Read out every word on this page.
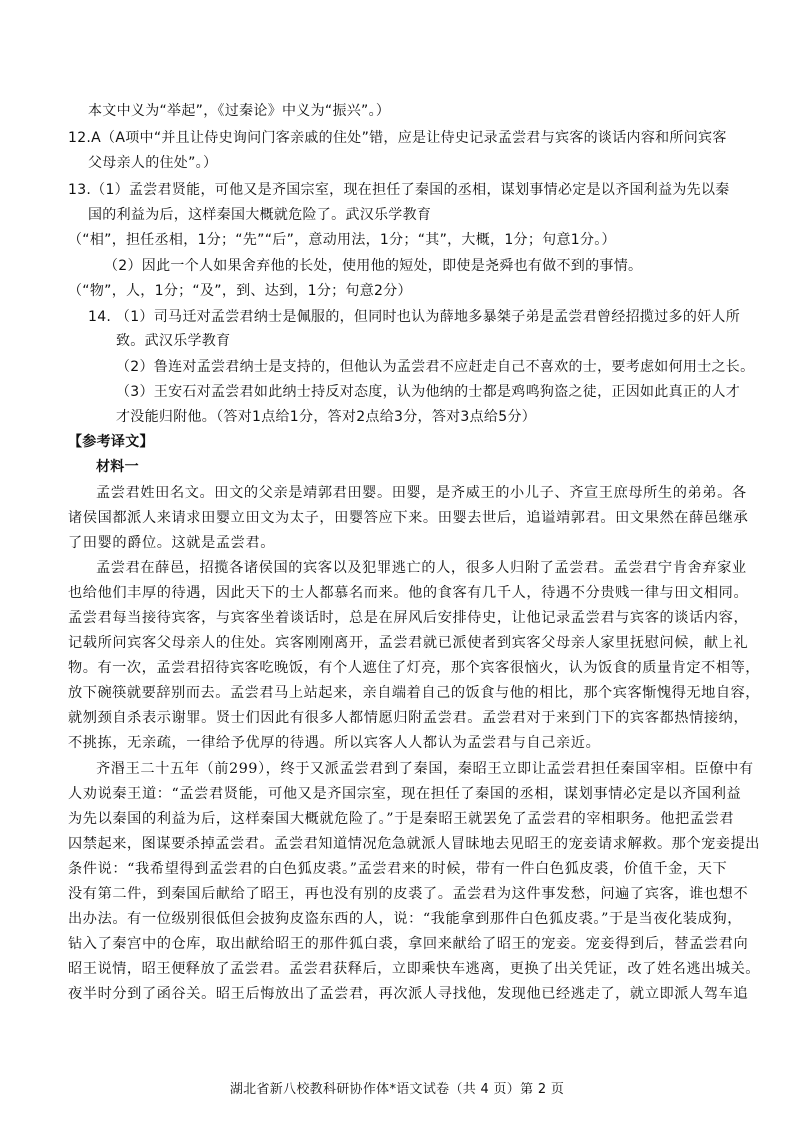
本文中义为“举起”，《过秦论》中义为“振兴”。）
12.A（A项中“并且让侍史询问门客亲戚的住处”错，应是让侍史记录孟尝君与宾客的谈话内容和所问宾客
父母亲人的住处”。）
13.（1）孟尝君贤能，可他又是齐国宗室，现在担任了秦国的丞相，谋划事情必定是以齐国利益为先以秦
国的利益为后，这样秦国大概就危险了。武汉乐学教育
（“相”，担任丞相，1分；“先”“后”，意动用法，1分；“其”，大概，1分；句意1分。）
（2）因此一个人如果舍弃他的长处，使用他的短处，即使是尧舜也有做不到的事情。
（“物”，人，1分；“及”，到、达到，1分；句意2分）
14. （1）司马迁对孟尝君纳士是佩服的，但同时也认为薛地多暴桀子弟是孟尝君曾经招揽过多的奸人所
致。武汉乐学教育
（2）鲁连对孟尝君纳士是支持的，但他认为孟尝君不应赶走自己不喜欢的士，要考虑如何用士之长。
（3）王安石对孟尝君如此纳士持反对态度，认为他纳的士都是鸡鸣狗盗之徒，正因如此真正的人才
才没能归附他。（答对1点给1分，答对2点给3分，答对3点给5分）
【参考译文】
材料一
孟尝君姓田名文。田文的父亲是靖郭君田婴。田婴，是齐威王的小儿子、齐宣王庶母所生的弟弟。各
诸侯国都派人来请求田婴立田文为太子，田婴答应下来。田婴去世后，追谥靖郭君。田文果然在薛邑继承
了田婴的爵位。这就是孟尝君。
孟尝君在薛邑，招揽各诸侯国的宾客以及犯罪逃亡的人，很多人归附了孟尝君。孟尝君宁肯舍弃家业
也给他们丰厚的待遇，因此天下的士人都慕名而来。他的食客有几千人，待遇不分贵贱一律与田文相同。
孟尝君每当接待宾客，与宾客坐着谈话时，总是在屏风后安排侍史，让他记录孟尝君与宾客的谈话内容，
记载所问宾客父母亲人的住处。宾客刚刚离开，孟尝君就已派使者到宾客父母亲人家里抚慰问候，献上礼
物。有一次，孟尝君招待宾客吃晚饭，有个人遮住了灯亮，那个宾客很恼火，认为饭食的质量肯定不相等，
放下碗筷就要辞别而去。孟尝君马上站起来，亲自端着自己的饭食与他的相比，那个宾客惭愧得无地自容，
就刎颈自杀表示谢罪。贤士们因此有很多人都情愿归附孟尝君。孟尝君对于来到门下的宾客都热情接纳，
不挑拣，无亲疏，一律给予优厚的待遇。所以宾客人人都认为孟尝君与自己亲近。
齐湣王二十五年（前299），终于又派孟尝君到了秦国，秦昭王立即让孟尝君担任秦国宰相。臣僚中有
人劝说秦王道：“孟尝君贤能，可他又是齐国宗室，现在担任了秦国的丞相，谋划事情必定是以齐国利益
为先以秦国的利益为后，这样秦国大概就危险了。”于是秦昭王就罢免了孟尝君的宰相职务。他把孟尝君
囚禁起来，图谋要杀掉孟尝君。孟尝君知道情况危急就派人冒昧地去见昭王的宠妾请求解救。那个宠妾提出
条件说：“我希望得到孟尝君的白色狐皮裘。”孟尝君来的时候，带有一件白色狐皮裘，价值千金，天下
没有第二件，到秦国后献给了昭王，再也没有别的皮裘了。孟尝君为这件事发愁，问遍了宾客，谁也想不
出办法。有一位级别很低但会披狗皮盗东西的人，说：“我能拿到那件白色狐皮裘。”于是当夜化装成狗，
钻入了秦宫中的仓库，取出献给昭王的那件狐白裘，拿回来献给了昭王的宠妾。宠妾得到后，替孟尝君向
昭王说情，昭王便释放了孟尝君。孟尝君获释后，立即乘快车逃离，更换了出关凭证，改了姓名逃出城关。
夜半时分到了函谷关。昭王后悔放出了孟尝君，再次派人寻找他，发现他已经逃走了，就立即派人驾车追
湖北省新八校教科研协作体*语文试卷（共 4 页）第 2 页
